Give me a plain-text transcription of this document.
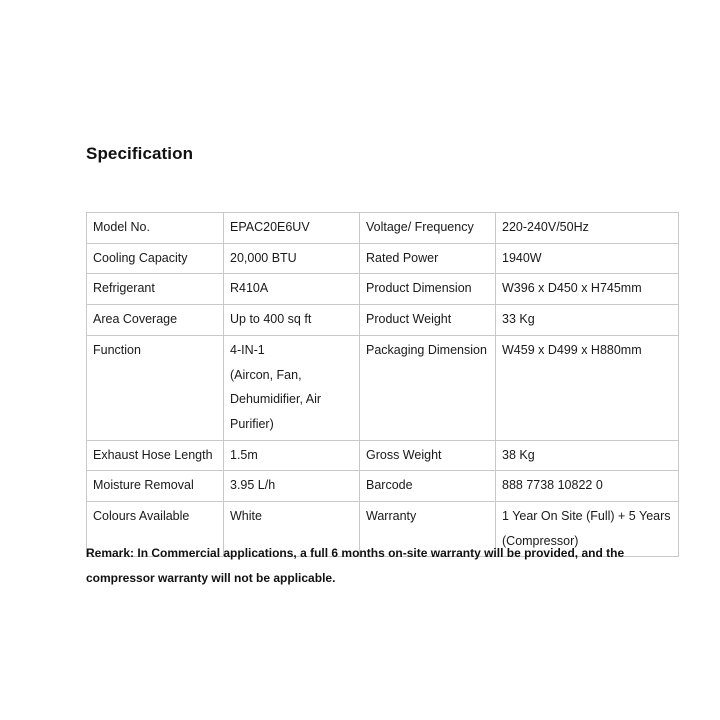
Specification
Model No.	EPAC20E6UV	Voltage/ Frequency	220-240V/50Hz
Cooling Capacity	20,000 BTU	Rated Power	1940W
Refrigerant	R410A	Product Dimension	W396 x D450 x H745mm
Area Coverage	Up to 400 sq ft	Product Weight	33 Kg
Function	4-IN-1
(Aircon, Fan,
Dehumidifier, Air
Purifier)	Packaging Dimension	W459 x D499 x H880mm
Exhaust Hose Length	1.5m	Gross Weight	38 Kg
Moisture Removal	3.95 L/h	Barcode	888 7738 10822 0
Colours Available	White	Warranty	1 Year On Site (Full) + 5 Years
(Compressor)
Remark: In Commercial applications, a full 6 months on-site warranty will be provided, and the
compressor warranty will not be applicable.
